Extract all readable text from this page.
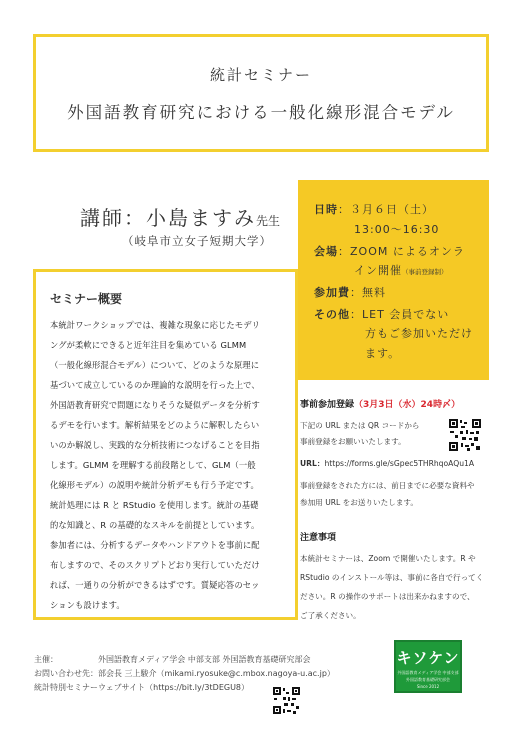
統計セミナー
外国語教育研究における一般化線形混合モデル
講師：小島ますみ先生
（岐阜市立女子短期大学）
日時：３月６日（土）
13:00～16:30
会場：ZOOM によるオンラ
イン開催（事前登録制）
参加費：無料
その他：LET 会員でない
方もご参加いただけ
ます。
セミナー概要
本統計ワークショップでは、複雑な現象に応じたモデリ
ングが柔軟にできると近年注目を集めている GLMM
（一般化線形混合モデル）について、どのような原理に
基づいて成立しているのか理論的な説明を行った上で、
外国語教育研究で問題になりそうな疑似データを分析す
るデモを行います。解析結果をどのように解釈したらい
いのか解説し、実践的な分析技術につなげることを目指
します。GLMM を理解する前段階として、GLM（一般
化線形モデル）の説明や統計分析デモも行う予定です。
統計処理には R と RStudio を使用します。統計の基礎
的な知識と、R の基礎的なスキルを前提としています。
参加者には、分析するデータやハンドアウトを事前に配
布しますので、そのスクリプトどおり実行していただけ
れば、一通りの分析ができるはずです。質疑応答のセッ
ションも設けます。
事前参加登録（3月3日（水）24時〆）
下記の URL または QR コードから
事前登録をお願いいたします。
URL：https://forms.gle/sGpec5THRhqoAQu1A
事前登録をされた方には、前日までに必要な資料や
参加用 URL をお送りいたします。
注意事項
本統計セミナーは、Zoom で開催いたします。R や
RStudio のインストール等は、事前に各自で行ってく
ださい。R の操作のサポートは出来かねますので、
ご了承ください。
主催：	外国語教育メディア学会 中部支部 外国語教育基礎研究部会
お問い合わせ先：部会長 三上駿介（mikami.ryosuke@c.mbox.nagoya-u.ac.jp）
統計特別セミナーウェブサイト（https://bit.ly/3tDEGU8）
キソケン
外国語教育メディア学会 中部支部
外国語教育基礎研究部会
Since 2012
